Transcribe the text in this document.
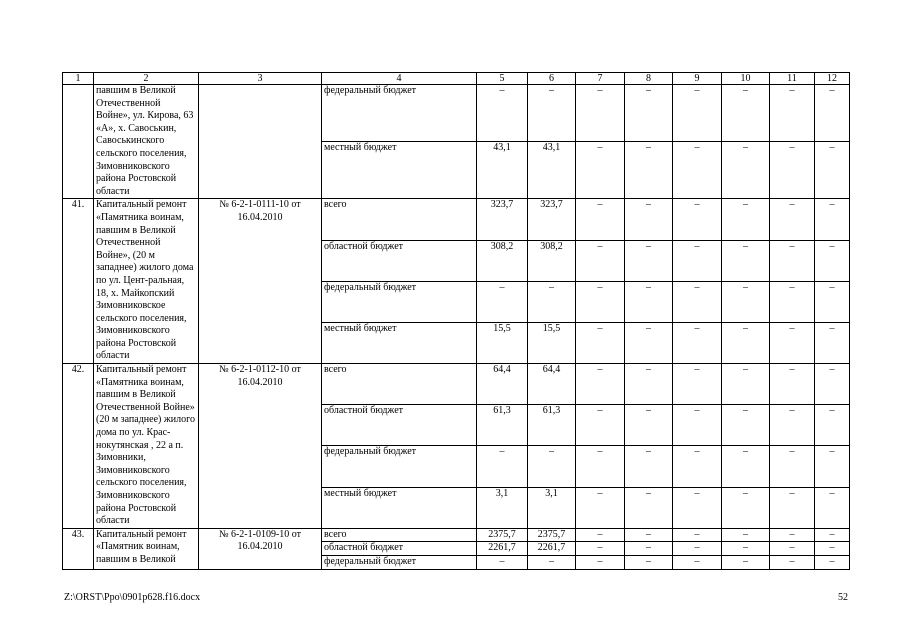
1	2	3	4	5	6	7	8	9	10	11	12
	павшим в Великой Отечественной Войне», ул. Кирова, 63 «А», х. Савоськин, Савоськинского сельского поселения, Зимовниковского района Ростовской области		федеральный бюджет	–	–	–	–	–	–	–	–
			местный бюджет	43,1	43,1	–	–	–	–	–	–
41.	Капитальный ремонт «Памятника воинам, павшим в Великой Отечественной Войне», (20 м западнее) жилого дома по ул. Цент-ральная, 18, х. Майкопский Зимовниковское сельского поселения, Зимовниковского района Ростовской области	№ 6-2-1-0111-10 от 16.04.2010	всего	323,7	323,7	–	–	–	–	–	–
			областной бюджет	308,2	308,2	–	–	–	–	–	–
			федеральный бюджет	–	–	–	–	–	–	–	–
			местный бюджет	15,5	15,5	–	–	–	–	–	–
42.	Капитальный ремонт «Памятника воинам, павшим в Великой Отечественной Войне» (20 м западнее) жилого дома по ул. Крас-нокутянская , 22 а п. Зимовники, Зимовниковского сельского поселения, Зимовниковского района Ростовской области	№ 6-2-1-0112-10 от 16.04.2010	всего	64,4	64,4	–	–	–	–	–	–
			областной бюджет	61,3	61,3	–	–	–	–	–	–
			федеральный бюджет	–	–	–	–	–	–	–	–
			местный бюджет	3,1	3,1	–	–	–	–	–	–
43.	Капитальный ремонт «Памятник воинам, павшим в Великой	№ 6-2-1-0109-10 от 16.04.2010	всего	2375,7	2375,7	–	–	–	–	–	–
			областной бюджет	2261,7	2261,7	–	–	–	–	–	–
			федеральный бюджет	–	–	–	–	–	–	–	–
Z:\ORST\Ppo\0901p628.f16.docx	52
